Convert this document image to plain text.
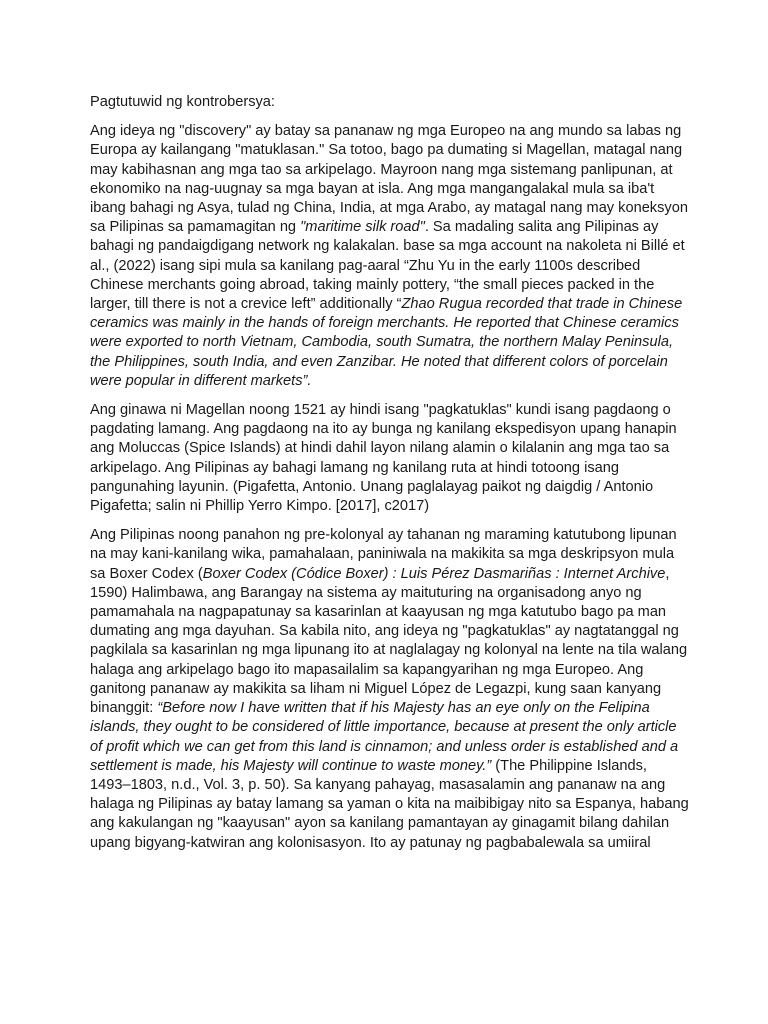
Pagtutuwid ng kontrobersya:

Ang ideya ng "discovery" ay batay sa pananaw ng mga Europeo na ang mundo sa labas ng Europa ay kailangang "matuklasan." Sa totoo, bago pa dumating si Magellan, matagal nang may kabihasnan ang mga tao sa arkipelago. Mayroon nang mga sistemang panlipunan, at ekonomiko na nag-uugnay sa mga bayan at isla. Ang mga mangangalakal mula sa iba't ibang bahagi ng Asya, tulad ng China, India, at mga Arabo, ay matagal nang may koneksyon sa Pilipinas sa pamamagitan ng "maritime silk road". Sa madaling salita ang Pilipinas ay bahagi ng pandaigdigang network ng kalakalan. base sa mga account na nakoleta ni Billé et al., (2022) isang sipi mula sa kanilang pag-aaral “Zhu Yu in the early 1100s described Chinese merchants going abroad, taking mainly pottery, “the small pieces packed in the larger, till there is not a crevice left” additionally “Zhao Rugua recorded that trade in Chinese ceramics was mainly in the hands of foreign merchants. He reported that Chinese ceramics were exported to north Vietnam, Cambodia, south Sumatra, the northern Malay Peninsula, the Philippines, south India, and even Zanzibar. He noted that different colors of porcelain were popular in different markets”.

Ang ginawa ni Magellan noong 1521 ay hindi isang "pagkatuklas" kundi isang pagdaong o pagdating lamang. Ang pagdaong na ito ay bunga ng kanilang ekspedisyon upang hanapin ang Moluccas (Spice Islands) at hindi dahil layon nilang alamin o kilalanin ang mga tao sa arkipelago. Ang Pilipinas ay bahagi lamang ng kanilang ruta at hindi totoong isang pangunahing layunin. (Pigafetta, Antonio. Unang paglalayag paikot ng daigdig / Antonio Pigafetta; salin ni Phillip Yerro Kimpo. [2017], c2017)

Ang Pilipinas noong panahon ng pre-kolonyal ay tahanan ng maraming katutubong lipunan na may kani-kanilang wika, pamahalaan, paniniwala na makikita sa mga deskripsyon mula sa Boxer Codex (Boxer Codex (Códice Boxer) : Luis Pérez Dasmariñas : Internet Archive, 1590) Halimbawa, ang Barangay na sistema ay maituturing na organisadong anyo ng pamamahala na nagpapatunay sa kasarinlan at kaayusan ng mga katutubo bago pa man dumating ang mga dayuhan. Sa kabila nito, ang ideya ng "pagkatuklas" ay nagtatanggal ng pagkilala sa kasarinlan ng mga lipunang ito at naglalagay ng kolonyal na lente na tila walang halaga ang arkipelago bago ito mapasailalim sa kapangyarihan ng mga Europeo. Ang ganitong pananaw ay makikita sa liham ni Miguel López de Legazpi, kung saan kanyang binanggit: “Before now I have written that if his Majesty has an eye only on the Felipina islands, they ought to be considered of little importance, because at present the only article of profit which we can get from this land is cinnamon; and unless order is established and a settlement is made, his Majesty will continue to waste money.” (The Philippine Islands, 1493–1803, n.d., Vol. 3, p. 50). Sa kanyang pahayag, masasalamin ang pananaw na ang halaga ng Pilipinas ay batay lamang sa yaman o kita na maibibigay nito sa Espanya, habang ang kakulangan ng "kaayusan" ayon sa kanilang pamantayan ay ginagamit bilang dahilan upang bigyang-katwiran ang kolonisasyon. Ito ay patunay ng pagbabalewala sa umiiral
